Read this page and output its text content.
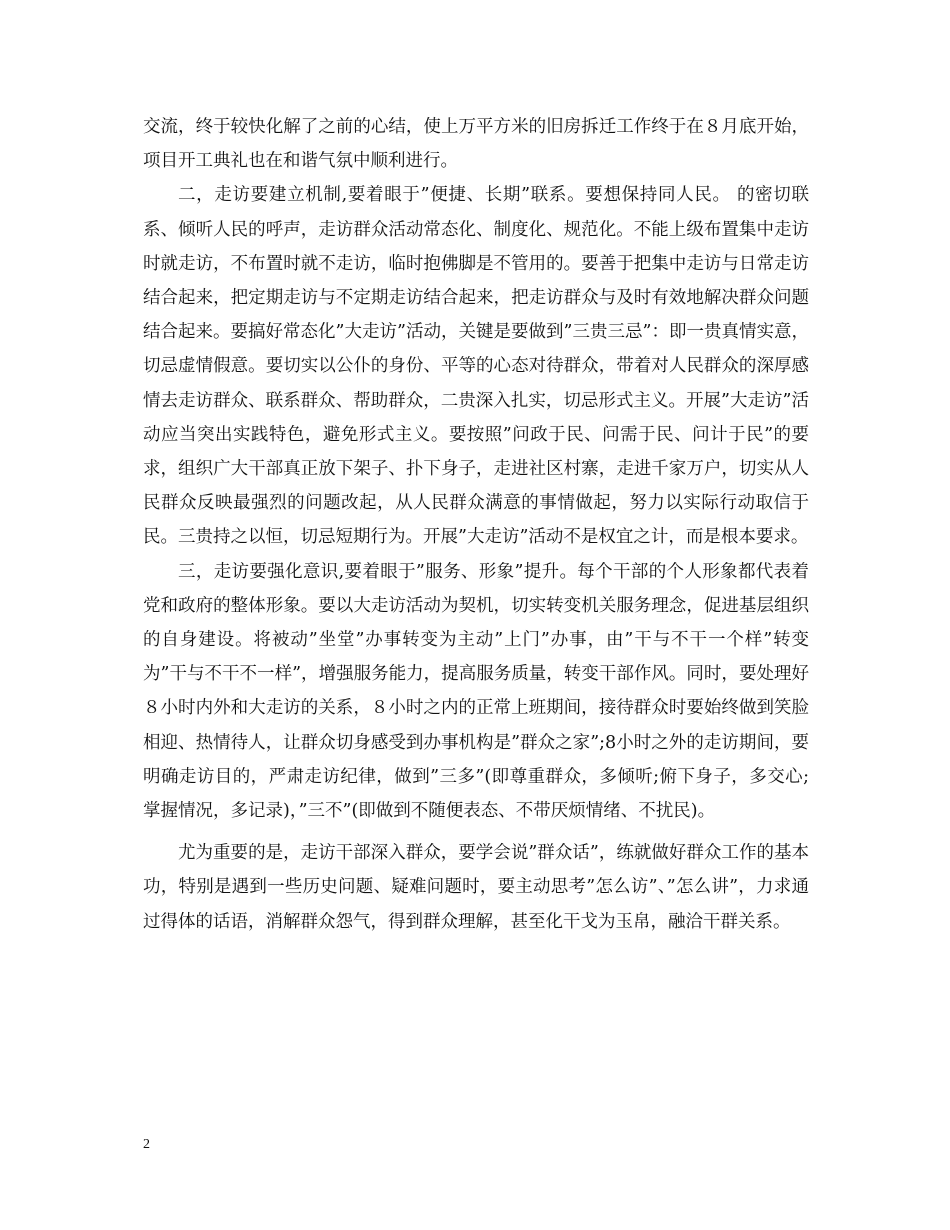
交流，终于较快化解了之前的心结，使上万平方米的旧房拆迁工作终于在８月底开始，项目开工典礼也在和谐气氛中顺利进行。

二，走访要建立机制,要着眼于”便捷、长期”联系。要想保持同人民。 的密切联系、倾听人民的呼声，走访群众活动常态化、制度化、规范化。不能上级布置集中走访时就走访，不布置时就不走访，临时抱佛脚是不管用的。要善于把集中走访与日常走访结合起来，把定期走访与不定期走访结合起来，把走访群众与及时有效地解决群众问题结合起来。要搞好常态化”大走访”活动，关键是要做到”三贵三忌”：即一贵真情实意，切忌虚情假意。要切实以公仆的身份、平等的心态对待群众，带着对人民群众的深厚感情去走访群众、联系群众、帮助群众，二贵深入扎实，切忌形式主义。开展”大走访”活动应当突出实践特色，避免形式主义。要按照”问政于民、问需于民、问计于民”的要求，组织广大干部真正放下架子、扑下身子，走进社区村寨，走进千家万户，切实从人民群众反映最强烈的问题改起，从人民群众满意的事情做起，努力以实际行动取信于民。三贵持之以恒，切忌短期行为。开展”大走访”活动不是权宜之计，而是根本要求。

三，走访要强化意识,要着眼于”服务、形象”提升。每个干部的个人形象都代表着党和政府的整体形象。要以大走访活动为契机，切实转变机关服务理念，促进基层组织的自身建设。将被动”坐堂”办事转变为主动”上门”办事，由”干与不干一个样”转变为”干与不干不一样”，增强服务能力，提高服务质量，转变干部作风。同时，要处理好８小时内外和大走访的关系，８小时之内的正常上班期间，接待群众时要始终做到笑脸相迎、热情待人，让群众切身感受到办事机构是”群众之家”;8小时之外的走访期间，要明确走访目的，严肃走访纪律，做到”三多”(即尊重群众，多倾听;俯下身子，多交心;掌握情况，多记录)，”三不”(即做到不随便表态、不带厌烦情绪、不扰民)。

尤为重要的是，走访干部深入群众，要学会说”群众话”，练就做好群众工作的基本功，特别是遇到一些历史问题、疑难问题时，要主动思考”怎么访”、”怎么讲”，力求通过得体的话语，消解群众怨气，得到群众理解，甚至化干戈为玉帛，融洽干群关系。

2
